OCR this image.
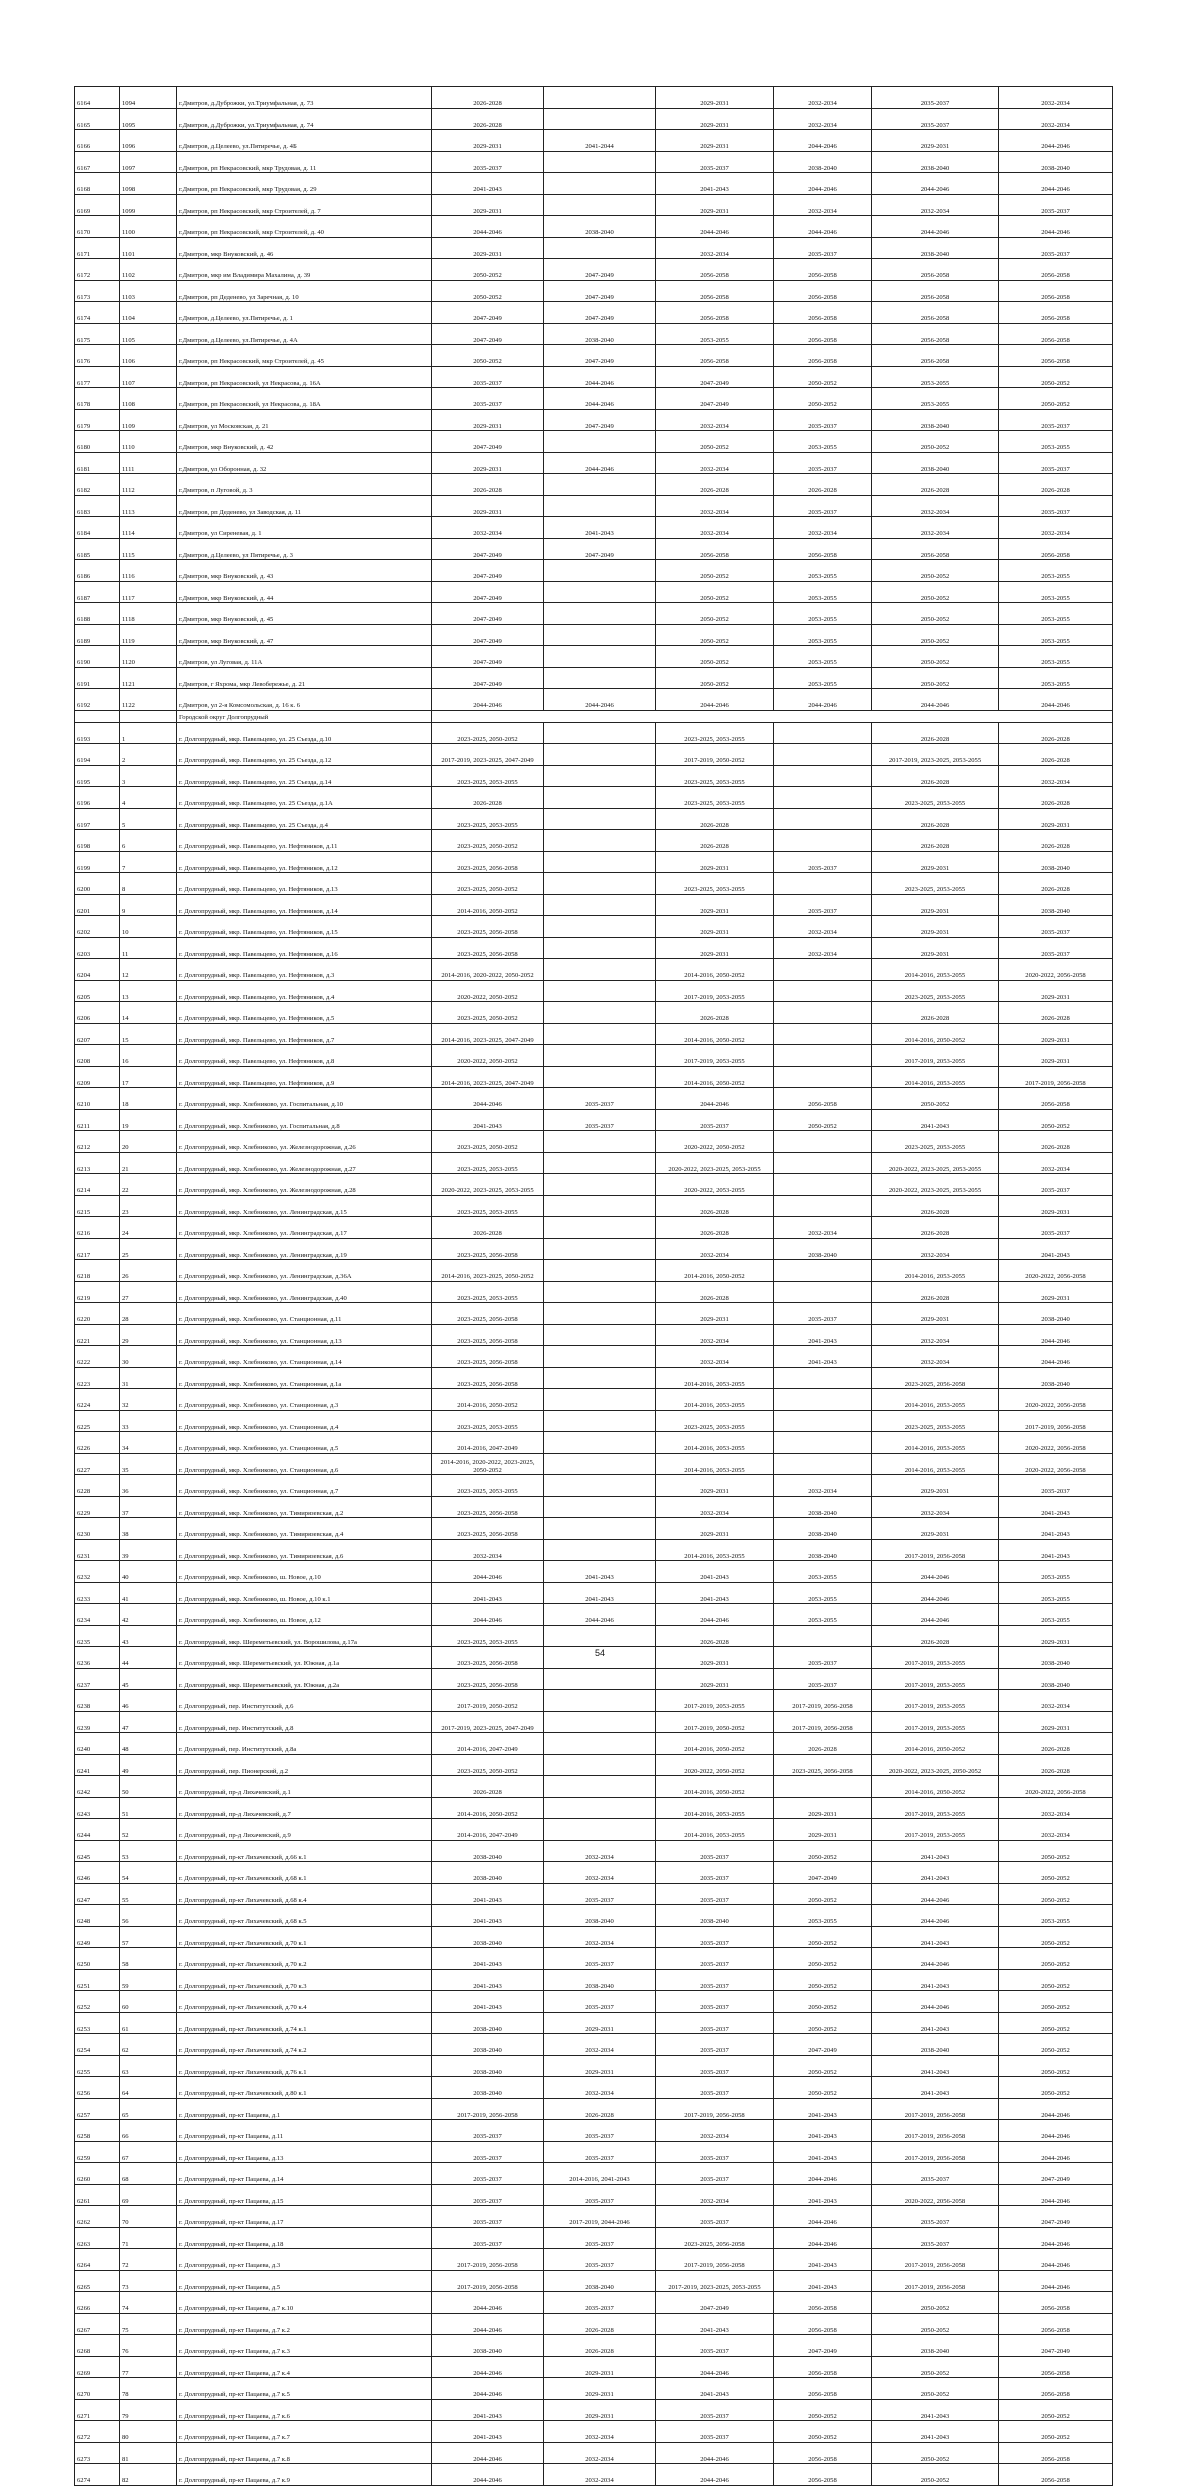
6164	1094	г.Дмитров, д.Дуброжки, ул.Триумфальная, д. 73	2026-2028		2029-2031	2032-2034	2035-2037	2032-2034
6165	1095	г.Дмитров, д.Дуброжки, ул.Триумфальная, д. 74	2026-2028		2029-2031	2032-2034	2035-2037	2032-2034
6166	1096	г.Дмитров, д.Целеево, ул.Пятиречье, д. 4Б	2029-2031	2041-2044	2029-2031	2044-2046	2029-2031	2044-2046
6167	1097	г.Дмитров, рп Некрасовский, мкр Трудовая, д. 11	2035-2037		2035-2037	2038-2040	2038-2040	2038-2040
6168	1098	г.Дмитров, рп Некрасовский, мкр Трудовая, д. 29	2041-2043		2041-2043	2044-2046	2044-2046	2044-2046
6169	1099	г.Дмитров, рп Некрасовский, мкр Строителей, д. 7	2029-2031		2029-2031	2032-2034	2032-2034	2035-2037
6170	1100	г.Дмитров, рп Некрасовский, мкр Строителей, д. 40	2044-2046	2038-2040	2044-2046	2044-2046	2044-2046	2044-2046
6171	1101	г.Дмитров, мкр Внуковский, д. 46	2029-2031		2032-2034	2035-2037	2038-2040	2035-2037
6172	1102	г.Дмитров, мкр им Владимира Махалина, д. 39	2050-2052	2047-2049	2056-2058	2056-2058	2056-2058	2056-2058
6173	1103	г.Дмитров, рп Деденево, ул Заречная, д. 10	2050-2052	2047-2049	2056-2058	2056-2058	2056-2058	2056-2058
6174	1104	г.Дмитров, д.Целеево, ул.Пятиречье, д. 1	2047-2049	2047-2049	2056-2058	2056-2058	2056-2058	2056-2058
6175	1105	г.Дмитров, д.Целеево, ул.Пятиречье, д. 4А	2047-2049	2038-2040	2053-2055	2056-2058	2056-2058	2056-2058
6176	1106	г.Дмитров, рп Некрасовский, мкр Строителей, д. 45	2050-2052	2047-2049	2056-2058	2056-2058	2056-2058	2056-2058
6177	1107	г.Дмитров, рп Некрасовский, ул Некрасова, д. 16А	2035-2037	2044-2046	2047-2049	2050-2052	2053-2055	2050-2052
6178	1108	г.Дмитров, рп Некрасовский, ул Некрасова, д. 18А	2035-2037	2044-2046	2047-2049	2050-2052	2053-2055	2050-2052
6179	1109	г.Дмитров, ул Московская, д. 21	2029-2031	2047-2049	2032-2034	2035-2037	2038-2040	2035-2037
6180	1110	г.Дмитров, мкр Внуковский, д. 42	2047-2049		2050-2052	2053-2055	2050-2052	2053-2055
6181	1111	г.Дмитров, ул Оборонная, д. 32	2029-2031	2044-2046	2032-2034	2035-2037	2038-2040	2035-2037
6182	1112	г.Дмитров, п Луговой, д. 3	2026-2028		2026-2028	2026-2028	2026-2028	2026-2028
6183	1113	г.Дмитров, рп Деденево, ул Заводская, д. 11	2029-2031		2032-2034	2035-2037	2032-2034	2035-2037
6184	1114	г.Дмитров, ул Сиреневая, д. 1	2032-2034	2041-2043	2032-2034	2032-2034	2032-2034	2032-2034
6185	1115	г.Дмитров, д.Целеево, ул Пятиречье, д. 3	2047-2049	2047-2049	2056-2058	2056-2058	2056-2058	2056-2058
6186	1116	г.Дмитров, мкр Внуковский, д. 43	2047-2049		2050-2052	2053-2055	2050-2052	2053-2055
6187	1117	г.Дмитров, мкр Внуковский, д. 44	2047-2049		2050-2052	2053-2055	2050-2052	2053-2055
6188	1118	г.Дмитров, мкр Внуковский, д. 45	2047-2049		2050-2052	2053-2055	2050-2052	2053-2055
6189	1119	г.Дмитров, мкр Внуковский, д. 47	2047-2049		2050-2052	2053-2055	2050-2052	2053-2055
6190	1120	г.Дмитров, ул Луговая, д. 11А	2047-2049		2050-2052	2053-2055	2050-2052	2053-2055
6191	1121	г.Дмитров, г Яхрома, мкр Левобережье, д. 21	2047-2049		2050-2052	2053-2055	2050-2052	2053-2055
6192	1122	г.Дмитров, ул 2-я Комсомольская, д. 16 к. 6	2044-2046	2044-2046	2044-2046	2044-2046	2044-2046	2044-2046
		Городской округ Долгопрудный						
6193	1	г. Долгопрудный, мкр. Павельцево, ул. 25 Съезда, д.10	2023-2025, 2050-2052		2023-2025, 2053-2055		2026-2028	2026-2028
6194	2	г. Долгопрудный, мкр. Павельцево, ул. 25 Съезда, д.12	2017-2019, 2023-2025, 2047-2049		2017-2019, 2050-2052		2017-2019, 2023-2025, 2053-2055	2026-2028
6195	3	г. Долгопрудный, мкр. Павельцево, ул. 25 Съезда, д.14	2023-2025, 2053-2055		2023-2025, 2053-2055		2026-2028	2032-2034
6196	4	г. Долгопрудный, мкр. Павельцево, ул. 25 Съезда, д.1А	2026-2028		2023-2025, 2053-2055		2023-2025, 2053-2055	2026-2028
6197	5	г. Долгопрудный, мкр. Павельцево, ул. 25 Съезда, д.4	2023-2025, 2053-2055		2026-2028		2026-2028	2029-2031
6198	6	г. Долгопрудный, мкр. Павельцево, ул. Нефтяников, д.11	2023-2025, 2050-2052		2026-2028		2026-2028	2026-2028
6199	7	г. Долгопрудный, мкр. Павельцево, ул. Нефтяников, д.12	2023-2025, 2056-2058		2029-2031	2035-2037	2029-2031	2038-2040
6200	8	г. Долгопрудный, мкр. Павельцево, ул. Нефтяников, д.13	2023-2025, 2050-2052		2023-2025, 2053-2055		2023-2025, 2053-2055	2026-2028
6201	9	г. Долгопрудный, мкр. Павельцево, ул. Нефтяников, д.14	2014-2016, 2050-2052		2029-2031	2035-2037	2029-2031	2038-2040
6202	10	г. Долгопрудный, мкр. Павельцево, ул. Нефтяников, д.15	2023-2025, 2056-2058		2029-2031	2032-2034	2029-2031	2035-2037
6203	11	г. Долгопрудный, мкр. Павельцево, ул. Нефтяников, д.16	2023-2025, 2056-2058		2029-2031	2032-2034	2029-2031	2035-2037
6204	12	г. Долгопрудный, мкр. Павельцево, ул. Нефтяников, д.3	2014-2016, 2020-2022, 2050-2052		2014-2016, 2050-2052		2014-2016, 2053-2055	2020-2022, 2056-2058
6205	13	г. Долгопрудный, мкр. Павельцево, ул. Нефтяников, д.4	2020-2022, 2050-2052		2017-2019, 2053-2055		2023-2025, 2053-2055	2029-2031
6206	14	г. Долгопрудный, мкр. Павельцево, ул. Нефтяников, д.5	2023-2025, 2050-2052		2026-2028		2026-2028	2026-2028
6207	15	г. Долгопрудный, мкр. Павельцево, ул. Нефтяников, д.7	2014-2016, 2023-2025, 2047-2049		2014-2016, 2050-2052		2014-2016, 2050-2052	2029-2031
6208	16	г. Долгопрудный, мкр. Павельцево, ул. Нефтяников, д.8	2020-2022, 2050-2052		2017-2019, 2053-2055		2017-2019, 2053-2055	2029-2031
6209	17	г. Долгопрудный, мкр. Павельцево, ул. Нефтяников, д.9	2014-2016, 2023-2025, 2047-2049		2014-2016, 2050-2052		2014-2016, 2053-2055	2017-2019, 2056-2058
6210	18	г. Долгопрудный, мкр. Хлебниково, ул. Госпитальная, д.10	2044-2046	2035-2037	2044-2046	2056-2058	2050-2052	2056-2058
6211	19	г. Долгопрудный, мкр. Хлебниково, ул. Госпитальная, д.8	2041-2043	2035-2037	2035-2037	2050-2052	2041-2043	2050-2052
6212	20	г. Долгопрудный, мкр. Хлебниково, ул. Железнодорожная, д.26	2023-2025, 2050-2052		2020-2022, 2050-2052		2023-2025, 2053-2055	2026-2028
6213	21	г. Долгопрудный, мкр. Хлебниково, ул. Железнодорожная, д.27	2023-2025, 2053-2055		2020-2022, 2023-2025, 2053-2055		2020-2022, 2023-2025, 2053-2055	2032-2034
6214	22	г. Долгопрудный, мкр. Хлебниково, ул. Железнодорожная, д.28	2020-2022, 2023-2025, 2053-2055		2020-2022, 2053-2055		2020-2022, 2023-2025, 2053-2055	2035-2037
6215	23	г. Долгопрудный, мкр. Хлебниково, ул. Ленинградская, д.15	2023-2025, 2053-2055		2026-2028		2026-2028	2029-2031
6216	24	г. Долгопрудный, мкр. Хлебниково, ул. Ленинградская, д.17	2026-2028		2026-2028	2032-2034	2026-2028	2035-2037
6217	25	г. Долгопрудный, мкр. Хлебниково, ул. Ленинградская, д.19	2023-2025, 2056-2058		2032-2034	2038-2040	2032-2034	2041-2043
6218	26	г. Долгопрудный, мкр. Хлебниково, ул. Ленинградская, д.36А	2014-2016, 2023-2025, 2050-2052		2014-2016, 2050-2052		2014-2016, 2053-2055	2020-2022, 2056-2058
6219	27	г. Долгопрудный, мкр. Хлебниково, ул. Ленинградская, д.40	2023-2025, 2053-2055		2026-2028		2026-2028	2029-2031
6220	28	г. Долгопрудный, мкр. Хлебниково, ул. Станционная, д.11	2023-2025, 2056-2058		2029-2031	2035-2037	2029-2031	2038-2040
6221	29	г. Долгопрудный, мкр. Хлебниково, ул. Станционная, д.13	2023-2025, 2056-2058		2032-2034	2041-2043	2032-2034	2044-2046
6222	30	г. Долгопрудный, мкр. Хлебниково, ул. Станционная, д.14	2023-2025, 2056-2058		2032-2034	2041-2043	2032-2034	2044-2046
6223	31	г. Долгопрудный, мкр. Хлебниково, ул. Станционная, д.1а	2023-2025, 2056-2058		2014-2016, 2053-2055		2023-2025, 2056-2058	2038-2040
6224	32	г. Долгопрудный, мкр. Хлебниково, ул. Станционная, д.3	2014-2016, 2050-2052		2014-2016, 2053-2055		2014-2016, 2053-2055	2020-2022, 2056-2058
6225	33	г. Долгопрудный, мкр. Хлебниково, ул. Станционная, д.4	2023-2025, 2053-2055		2023-2025, 2053-2055		2023-2025, 2053-2055	2017-2019, 2056-2058
6226	34	г. Долгопрудный, мкр. Хлебниково, ул. Станционная, д.5	2014-2016, 2047-2049		2014-2016, 2053-2055		2014-2016, 2053-2055	2020-2022, 2056-2058
6227	35	г. Долгопрудный, мкр. Хлебниково, ул. Станционная, д.6	2014-2016, 2020-2022, 2023-2025, 2050-2052		2014-2016, 2053-2055		2014-2016, 2053-2055	2020-2022, 2056-2058
6228	36	г. Долгопрудный, мкр. Хлебниково, ул. Станционная, д.7	2023-2025, 2053-2055		2029-2031	2032-2034	2029-2031	2035-2037
6229	37	г. Долгопрудный, мкр. Хлебниково, ул. Тимирязевская, д.2	2023-2025, 2056-2058		2032-2034	2038-2040	2032-2034	2041-2043
6230	38	г. Долгопрудный, мкр. Хлебниково, ул. Тимирязевская, д.4	2023-2025, 2056-2058		2029-2031	2038-2040	2029-2031	2041-2043
6231	39	г. Долгопрудный, мкр. Хлебниково, ул. Тимирязевская, д.6	2032-2034		2014-2016, 2053-2055	2038-2040	2017-2019, 2056-2058	2041-2043
6232	40	г. Долгопрудный, мкр. Хлебниково, ш. Новое, д.10	2044-2046	2041-2043	2041-2043	2053-2055	2044-2046	2053-2055
6233	41	г. Долгопрудный, мкр. Хлебниково, ш. Новое, д.10 к.1	2041-2043	2041-2043	2041-2043	2053-2055	2044-2046	2053-2055
6234	42	г. Долгопрудный, мкр. Хлебниково, ш. Новое, д.12	2044-2046	2044-2046	2044-2046	2053-2055	2044-2046	2053-2055
6235	43	г. Долгопрудный, мкр. Шереметьевский, ул. Ворошилова, д.17а	2023-2025, 2053-2055		2026-2028		2026-2028	2029-2031
6236	44	г. Долгопрудный, мкр. Шереметьевский, ул. Южная, д.1а	2023-2025, 2056-2058		2029-2031	2035-2037	2017-2019, 2053-2055	2038-2040
6237	45	г. Долгопрудный, мкр. Шереметьевский, ул. Южная, д.2а	2023-2025, 2056-2058		2029-2031	2035-2037	2017-2019, 2053-2055	2038-2040
6238	46	г. Долгопрудный, пер. Институтский, д.6	2017-2019, 2050-2052		2017-2019, 2053-2055	2017-2019, 2056-2058	2017-2019, 2053-2055	2032-2034
6239	47	г. Долгопрудный, пер. Институтский, д.8	2017-2019, 2023-2025, 2047-2049		2017-2019, 2050-2052	2017-2019, 2056-2058	2017-2019, 2053-2055	2029-2031
6240	48	г. Долгопрудный, пер. Институтский, д.8а	2014-2016, 2047-2049		2014-2016, 2050-2052	2026-2028	2014-2016, 2050-2052	2026-2028
6241	49	г. Долгопрудный, пер. Пионерский, д.2	2023-2025, 2050-2052		2020-2022, 2050-2052	2023-2025, 2056-2058	2020-2022, 2023-2025, 2050-2052	2026-2028
6242	50	г. Долгопрудный, пр-д Лихачевский, д.1	2026-2028		2014-2016, 2050-2052		2014-2016, 2050-2052	2020-2022, 2056-2058
6243	51	г. Долгопрудный, пр-д Лихачевский, д.7	2014-2016, 2050-2052		2014-2016, 2053-2055	2029-2031	2017-2019, 2053-2055	2032-2034
6244	52	г. Долгопрудный, пр-д Лихачевский, д.9	2014-2016, 2047-2049		2014-2016, 2053-2055	2029-2031	2017-2019, 2053-2055	2032-2034
6245	53	г. Долгопрудный, пр-кт Лихачевский, д.66 к.1	2038-2040	2032-2034	2035-2037	2050-2052	2041-2043	2050-2052
6246	54	г. Долгопрудный, пр-кт Лихачевский, д.68 к.1	2038-2040	2032-2034	2035-2037	2047-2049	2041-2043	2050-2052
6247	55	г. Долгопрудный, пр-кт Лихачевский, д.68 к.4	2041-2043	2035-2037	2035-2037	2050-2052	2044-2046	2050-2052
6248	56	г. Долгопрудный, пр-кт Лихачевский, д.68 к.5	2041-2043	2038-2040	2038-2040	2053-2055	2044-2046	2053-2055
6249	57	г. Долгопрудный, пр-кт Лихачевский, д.70 к.1	2038-2040	2032-2034	2035-2037	2050-2052	2041-2043	2050-2052
6250	58	г. Долгопрудный, пр-кт Лихачевский, д.70 к.2	2041-2043	2035-2037	2035-2037	2050-2052	2044-2046	2050-2052
6251	59	г. Долгопрудный, пр-кт Лихачевский, д.70 к.3	2041-2043	2038-2040	2035-2037	2050-2052	2041-2043	2050-2052
6252	60	г. Долгопрудный, пр-кт Лихачевский, д.70 к.4	2041-2043	2035-2037	2035-2037	2050-2052	2044-2046	2050-2052
6253	61	г. Долгопрудный, пр-кт Лихачевский, д.74 к.1	2038-2040	2029-2031	2035-2037	2050-2052	2041-2043	2050-2052
6254	62	г. Долгопрудный, пр-кт Лихачевский, д.74 к.2	2038-2040	2032-2034	2035-2037	2047-2049	2038-2040	2050-2052
6255	63	г. Долгопрудный, пр-кт Лихачевский, д.76 к.1	2038-2040	2029-2031	2035-2037	2050-2052	2041-2043	2050-2052
6256	64	г. Долгопрудный, пр-кт Лихачевский, д.80 к.1	2038-2040	2032-2034	2035-2037	2050-2052	2041-2043	2050-2052
6257	65	г. Долгопрудный, пр-кт Пацаева, д.1	2017-2019, 2056-2058	2026-2028	2017-2019, 2056-2058	2041-2043	2017-2019, 2056-2058	2044-2046
6258	66	г. Долгопрудный, пр-кт Пацаева, д.11	2035-2037	2035-2037	2032-2034	2041-2043	2017-2019, 2056-2058	2044-2046
6259	67	г. Долгопрудный, пр-кт Пацаева, д.13	2035-2037	2035-2037	2035-2037	2041-2043	2017-2019, 2056-2058	2044-2046
6260	68	г. Долгопрудный, пр-кт Пацаева, д.14	2035-2037	2014-2016, 2041-2043	2035-2037	2044-2046	2035-2037	2047-2049
6261	69	г. Долгопрудный, пр-кт Пацаева, д.15	2035-2037	2035-2037	2032-2034	2041-2043	2020-2022, 2056-2058	2044-2046
6262	70	г. Долгопрудный, пр-кт Пацаева, д.17	2035-2037	2017-2019, 2044-2046	2035-2037	2044-2046	2035-2037	2047-2049
6263	71	г. Долгопрудный, пр-кт Пацаева, д.18	2035-2037	2035-2037	2023-2025, 2056-2058	2044-2046	2035-2037	2044-2046
6264	72	г. Долгопрудный, пр-кт Пацаева, д.3	2017-2019, 2056-2058	2035-2037	2017-2019, 2056-2058	2041-2043	2017-2019, 2056-2058	2044-2046
6265	73	г. Долгопрудный, пр-кт Пацаева, д.5	2017-2019, 2056-2058	2038-2040	2017-2019, 2023-2025, 2053-2055	2041-2043	2017-2019, 2056-2058	2044-2046
6266	74	г. Долгопрудный, пр-кт Пацаева, д.7 к.10	2044-2046	2035-2037	2047-2049	2056-2058	2050-2052	2056-2058
6267	75	г. Долгопрудный, пр-кт Пацаева, д.7 к.2	2044-2046	2026-2028	2041-2043	2056-2058	2050-2052	2056-2058
6268	76	г. Долгопрудный, пр-кт Пацаева, д.7 к.3	2038-2040	2026-2028	2035-2037	2047-2049	2038-2040	2047-2049
6269	77	г. Долгопрудный, пр-кт Пацаева, д.7 к.4	2044-2046	2029-2031	2044-2046	2056-2058	2050-2052	2056-2058
6270	78	г. Долгопрудный, пр-кт Пацаева, д.7 к.5	2044-2046	2029-2031	2041-2043	2056-2058	2050-2052	2056-2058
6271	79	г. Долгопрудный, пр-кт Пацаева, д.7 к.6	2041-2043	2029-2031	2035-2037	2050-2052	2041-2043	2050-2052
6272	80	г. Долгопрудный, пр-кт Пацаева, д.7 к.7	2041-2043	2032-2034	2035-2037	2050-2052	2041-2043	2050-2052
6273	81	г. Долгопрудный, пр-кт Пацаева, д.7 к.8	2044-2046	2032-2034	2044-2046	2056-2058	2050-2052	2056-2058
6274	82	г. Долгопрудный, пр-кт Пацаева, д.7 к.9	2044-2046	2032-2034	2044-2046	2056-2058	2050-2052	2056-2058
54
